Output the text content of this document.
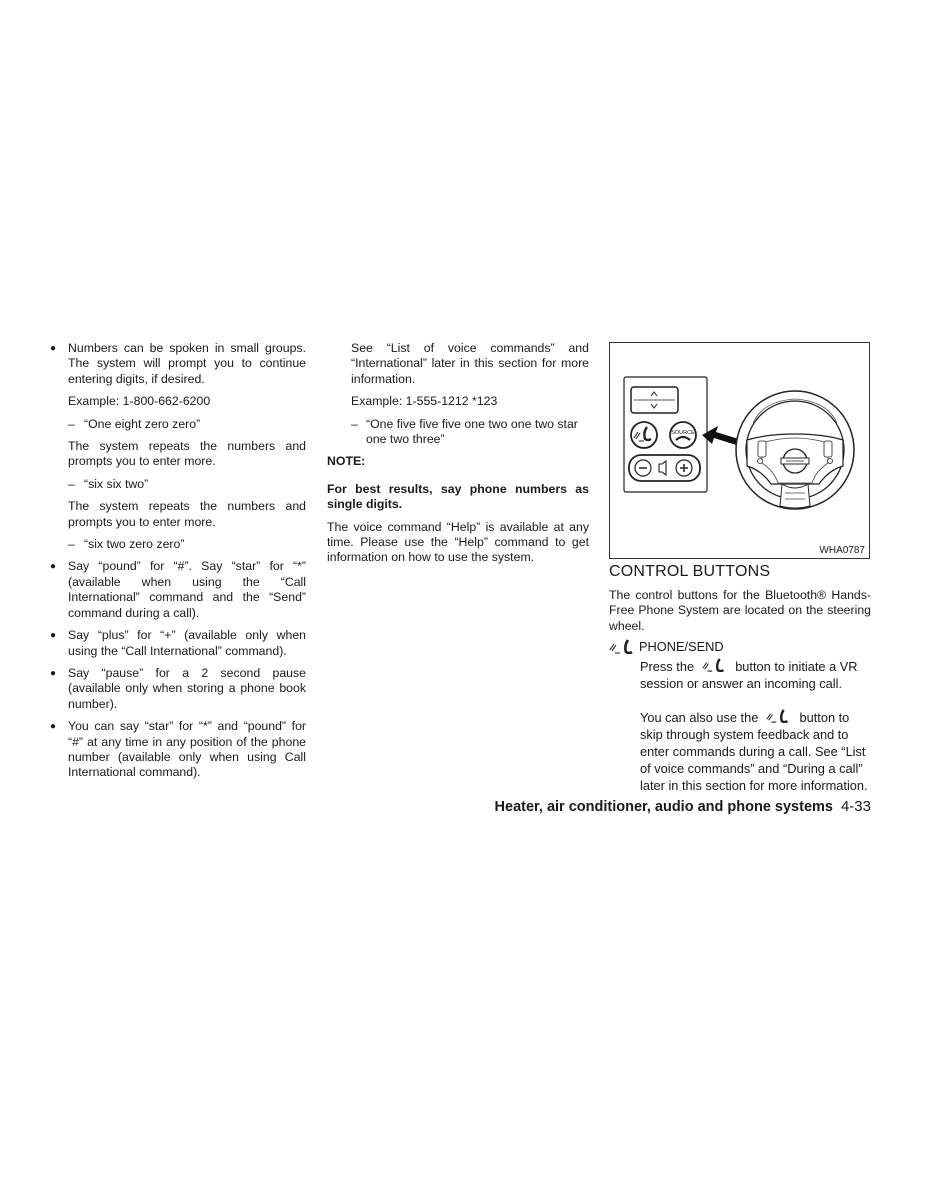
● Numbers can be spoken in small groups. The system will prompt you to continue entering digits, if desired.

Example: 1-800-662-6200

– “One eight zero zero”

The system repeats the numbers and prompts you to enter more.

– “six six two”

The system repeats the numbers and prompts you to enter more.

– “six two zero zero”

● Say “pound” for “#”. Say “star” for “*” (available when using the “Call International” command and the “Send” command during a call).

● Say “plus” for “+” (available only when using the “Call International” command).

● Say “pause” for a 2 second pause (available only when storing a phone book number).

● You can say “star” for “*” and “pound” for “#” at any time in any position of the phone number (available only when using Call International command).

See “List of voice commands” and “International” later in this section for more information.

Example: 1-555-1212 *123

– “One five five five one two one two star one two three”

NOTE:

For best results, say phone numbers as single digits.

The voice command “Help” is available at any time. Please use the “Help” command to get information on how to use the system.

SOURCE
WHA0787

CONTROL BUTTONS

The control buttons for the Bluetooth® Hands-Free Phone System are located on the steering wheel.

PHONE/SEND

Press the	button to initiate a VR session or answer an incoming call.

You can also use the	button to skip through system feedback and to enter commands during a call. See “List of voice commands” and “During a call” later in this section for more information.

Heater, air conditioner, audio and phone systems 4-33
